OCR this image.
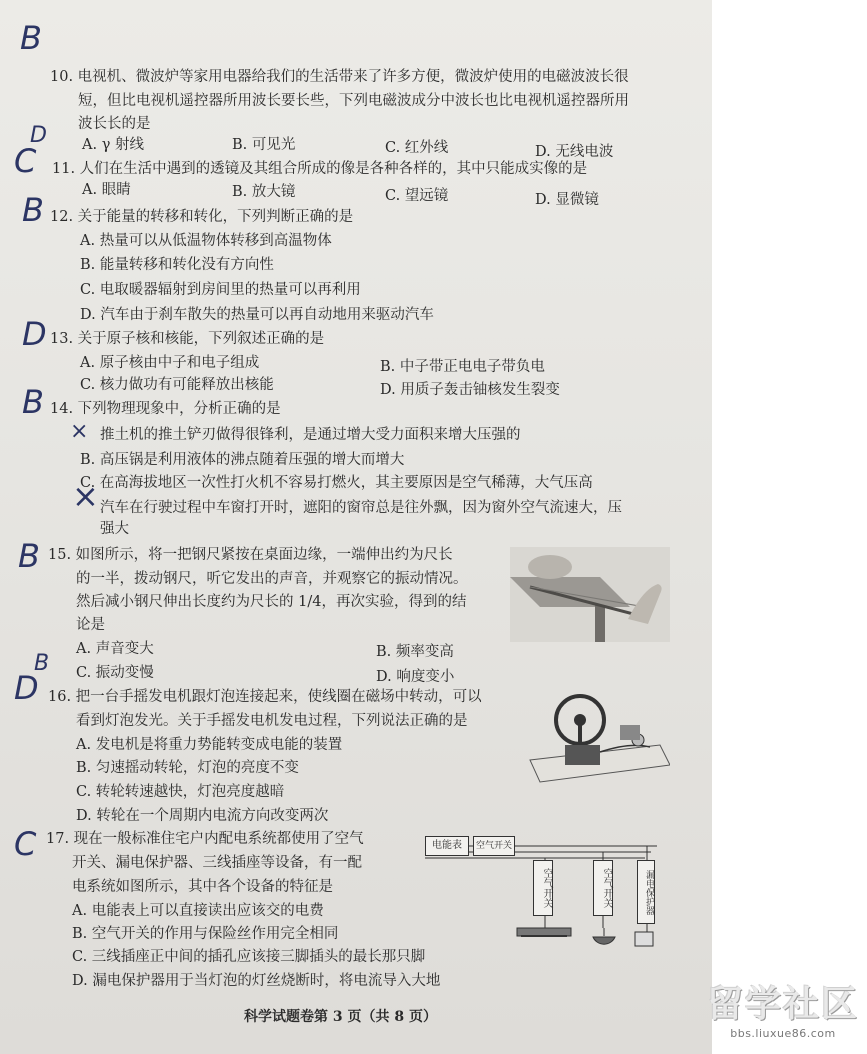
B
10. 电视机、微波炉等家用电器给我们的生活带来了许多方便，微波炉使用的电磁波波长很
短，但比电视机遥控器所用波长要长些，下列电磁波成分中波长也比电视机遥控器所用
波长长的是
A. γ 射线	B. 可见光	C. 红外线	D. 无线电波
D
C 11. 人们在生活中遇到的透镜及其组合所成的像是各种各样的，其中只能成实像的是
A. 眼睛	B. 放大镜	C. 望远镜	D. 显微镜
B 12. 关于能量的转移和转化，下列判断正确的是
A. 热量可以从低温物体转移到高温物体
B. 能量转移和转化没有方向性
C. 电取暖器辐射到房间里的热量可以再利用
D. 汽车由于刹车散失的热量可以再自动地用来驱动汽车
D 13. 关于原子核和核能，下列叙述正确的是
A. 原子核由中子和电子组成	B. 中子带正电电子带负电
C. 核力做功有可能释放出核能	D. 用质子轰击铀核发生裂变
B 14. 下列物理现象中，分析正确的是
× 推土机的推土铲刃做得很锋利，是通过增大受力面积来增大压强的
B. 高压锅是利用液体的沸点随着压强的增大而增大
C. 在高海拔地区一次性打火机不容易打燃火，其主要原因是空气稀薄，大气压高
× 汽车在行驶过程中车窗打开时，遮阳的窗帘总是往外飘，因为窗外空气流速大，压
强大
B 15. 如图所示，将一把钢尺紧按在桌面边缘，一端伸出约为尺长
的一半，拨动钢尺，听它发出的声音，并观察它的振动情况。
然后减小钢尺伸出长度约为尺长的 1/4，再次实验，得到的结
论是
A. 声音变大	B. 频率变高
C. 振动变慢	D. 响度变小
B
D 16. 把一台手摇发电机跟灯泡连接起来，使线圈在磁场中转动，可以
看到灯泡发光。关于手摇发电机发电过程，下列说法正确的是
A. 发电机是将重力势能转变成电能的装置
B. 匀速摇动转轮，灯泡的亮度不变
C. 转轮转速越快，灯泡亮度越暗
D. 转轮在一个周期内电流方向改变两次
C 17. 现在一般标准住宅户内配电系统都使用了空气
开关、漏电保护器、三线插座等设备，有一配
电系统如图所示，其中各个设备的特征是
A. 电能表上可以直接读出应该交的电费
B. 空气开关的作用与保险丝作用完全相同
C. 三线插座正中间的插孔应该接三脚插头的最长那只脚
D. 漏电保护器用于当灯泡的灯丝烧断时，将电流导入大地
电能表	空气开关
空气开关	空气开关	漏电保护器
科学试题卷第 3 页（共 8 页）	留学社区
bbs.liuxue86.com
